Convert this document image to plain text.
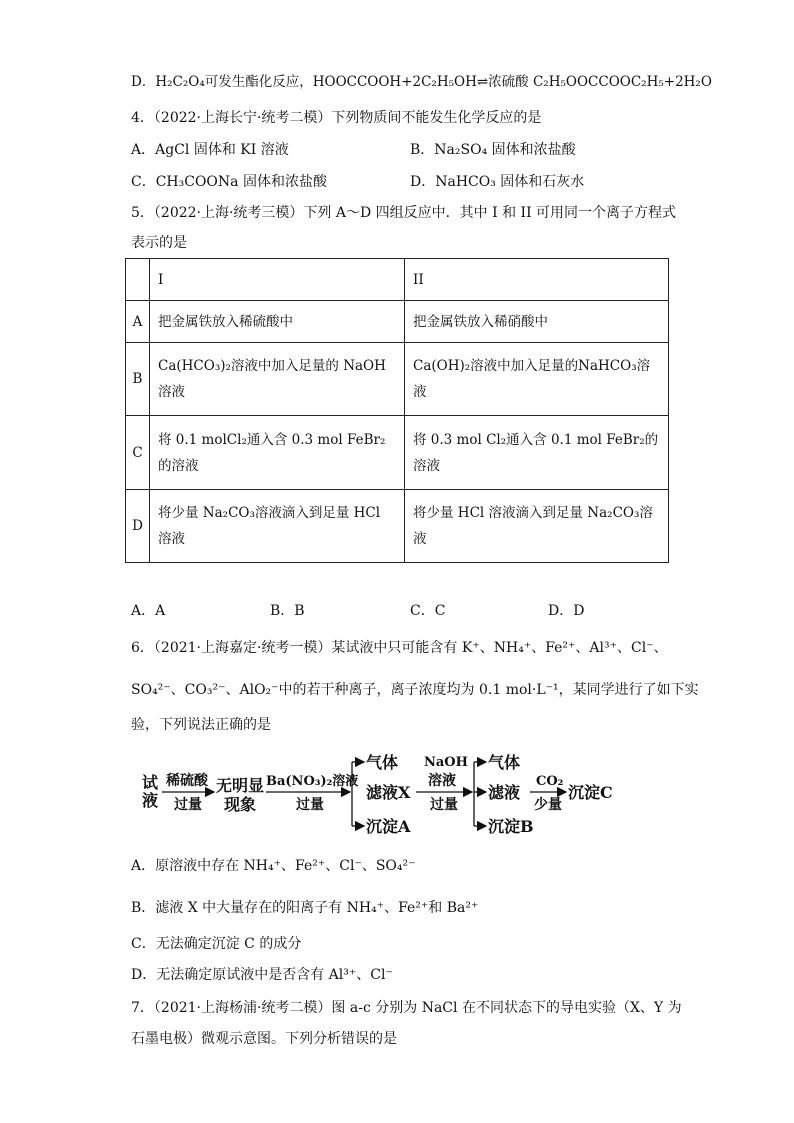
D．H₂C₂O₄可发生酯化反应，HOOCCOOH+2C₂H₅OH⇌浓硫酸 C₂H₅OOCCOOC₂H₅+2H₂O
4．（2022·上海长宁·统考二模）下列物质间不能发生化学反应的是
A．AgCl 固体和 KI 溶液	B．Na₂SO₄ 固体和浓盐酸
C．CH₃COONa 固体和浓盐酸	D．NaHCO₃ 固体和石灰水
5．（2022·上海·统考三模）下列 A～D 四组反应中．其中 I 和 II 可用同一个离子方程式
表示的是
	I	II
A	把金属铁放入稀硫酸中	把金属铁放入稀硝酸中
B	Ca(HCO₃)₂溶液中加入足量的 NaOH 溶液	Ca(OH)₂溶液中加入足量的NaHCO₃溶液
C	将 0.1 molCl₂通入含 0.3 mol FeBr₂的溶液	将 0.3 mol Cl₂通入含 0.1 mol FeBr₂的溶液
D	将少量 Na₂CO₃溶液滴入到足量 HCl 溶液	将少量 HCl 溶液滴入到足量 Na₂CO₃溶液
A．A	B．B	C．C	D．D
6．（2021·上海嘉定·统考一模）某试液中只可能含有 K⁺、NH₄⁺、Fe²⁺、Al³⁺、Cl⁻、
SO₄²⁻、CO₃²⁻、AlO₂⁻中的若干种离子，离子浓度均为 0.1 mol·L⁻¹，某同学进行了如下实
验，下列说法正确的是
试
液
稀硫酸
过量
无明显
现象
Ba(NO₃)₂溶液
过量
气体
滤液X
沉淀A
NaOH
溶液
过量
气体
滤液
沉淀B
CO₂
少量
沉淀C
A．原溶液中存在 NH₄⁺、Fe²⁺、Cl⁻、SO₄²⁻
B．滤液 X 中大量存在的阳离子有 NH₄⁺、Fe²⁺和 Ba²⁺
C．无法确定沉淀 C 的成分
D．无法确定原试液中是否含有 Al³⁺、Cl⁻
7．（2021·上海杨浦·统考二模）图 a-c 分别为 NaCl 在不同状态下的导电实验（X、Y 为
石墨电极）微观示意图。下列分析错误的是
